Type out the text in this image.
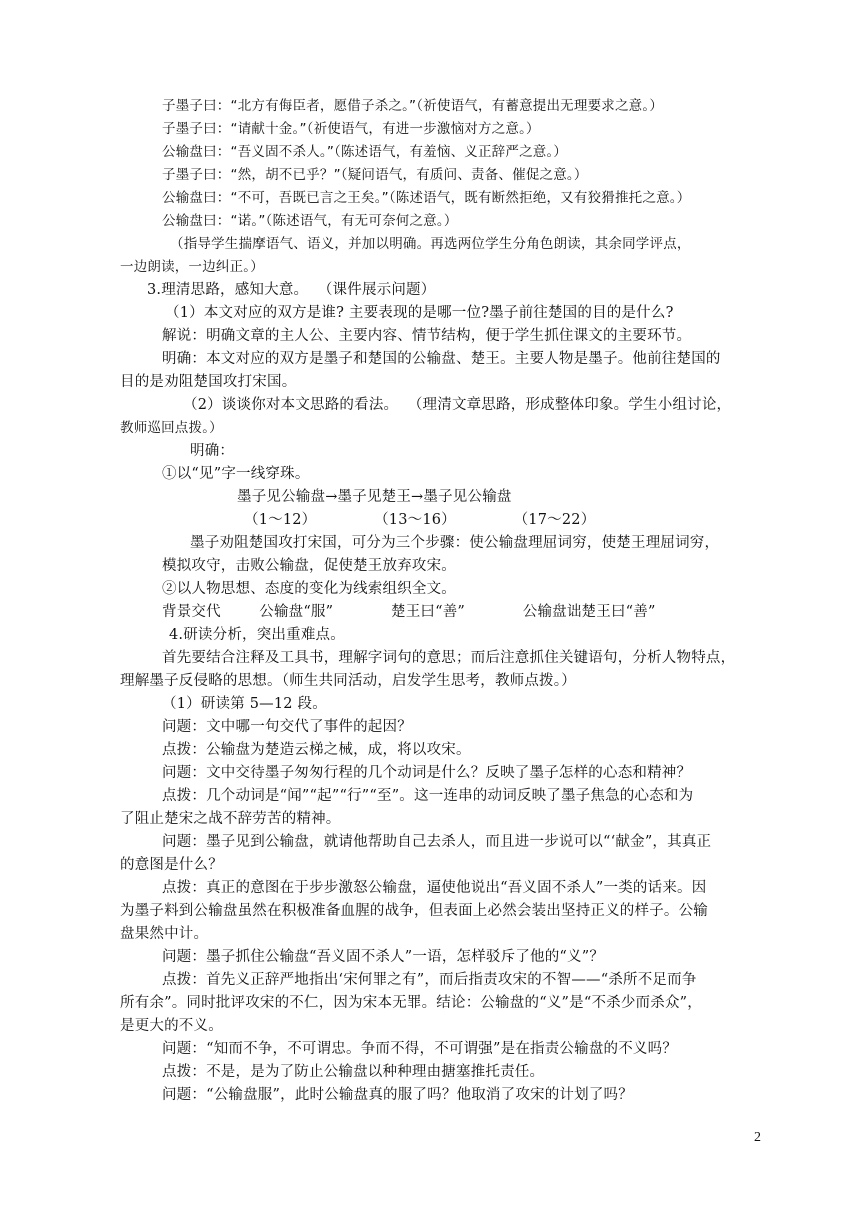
子墨子曰：“北方有侮臣者，愿借子杀之。”（祈使语气，有蓄意提出无理要求之意。）
子墨子曰：“请献十金。”（祈使语气，有进一步激恼对方之意。）
公输盘曰：“吾义固不杀人。”（陈述语气，有羞恼、义正辞严之意。）
子墨子曰：“然，胡不已乎？”（疑问语气，有质问、责备、催促之意。）
公输盘曰：“不可，吾既已言之王矣。”（陈述语气，既有断然拒绝，又有狡猾推托之意。）
公输盘曰：“诺。”（陈述语气，有无可奈何之意。）
（指导学生揣摩语气、语义，并加以明确。再选两位学生分角色朗读，其余同学评点，
一边朗读，一边纠正。）
3.理清思路，感知大意。  （课件展示问题）
（1）本文对应的双方是谁? 主要表现的是哪一位?墨子前往楚国的目的是什么?
解说：明确文章的主人公、主要内容、情节结构，便于学生抓住课文的主要环节。
明确：本文对应的双方是墨子和楚国的公输盘、楚王。主要人物是墨子。他前往楚国的
目的是劝阻楚国攻打宋国。
（2）谈谈你对本文思路的看法。  （理清文章思路，形成整体印象。学生小组讨论，
教师巡回点拨。）
明确：
①以“见”字一线穿珠。
墨子见公输盘→墨子见楚王→墨子见公输盘
（1～12）            （13～16）            （17～22）
墨子劝阻楚国攻打宋国，可分为三个步骤：使公输盘理屈词穷，使楚王理屈词穷，
模拟攻守，击败公输盘，促使楚王放弃攻宋。
②以人物思想、态度的变化为线索组织全文。
背景交代        公输盘“服”            楚王曰“善”            公输盘诎楚王曰“善”
4.研读分析，突出重难点。
首先要结合注释及工具书，理解字词句的意思；而后注意抓住关键语句，分析人物特点，
理解墨子反侵略的思想。（师生共同活动，启发学生思考，教师点拨。）
（1）研读第 5—12 段。
问题：文中哪一句交代了事件的起因？
点拨：公输盘为楚造云梯之械，成，将以攻宋。
问题：文中交待墨子匆匆行程的几个动词是什么？反映了墨子怎样的心态和精神？
点拨：几个动词是“闻”“起”“行”“至”。这一连串的动词反映了墨子焦急的心态和为
了阻止楚宋之战不辞劳苦的精神。
问题：墨子见到公输盘，就请他帮助自己去杀人，而且进一步说可以“‘献金”，其真正
的意图是什么？
点拨：真正的意图在于步步激怒公输盘，逼使他说出“吾义固不杀人”一类的话来。因
为墨子料到公输盘虽然在积极准备血腥的战争，但表面上必然会装出坚持正义的样子。公输
盘果然中计。
问题：墨子抓住公输盘“吾义固不杀人”一语，怎样驳斥了他的“义”？
点拨：首先义正辞严地指出‘宋何罪之有”，而后指责攻宋的不智——“杀所不足而争
所有余”。同时批评攻宋的不仁，因为宋本无罪。结论：公输盘的“义”是“不杀少而杀众”，
是更大的不义。
问题：“知而不争，不可谓忠。争而不得，不可谓强”是在指责公输盘的不义吗？
点拨：不是，是为了防止公输盘以种种理由搪塞推托责任。
问题：“公输盘服”，此时公输盘真的服了吗？他取消了攻宋的计划了吗？
2
